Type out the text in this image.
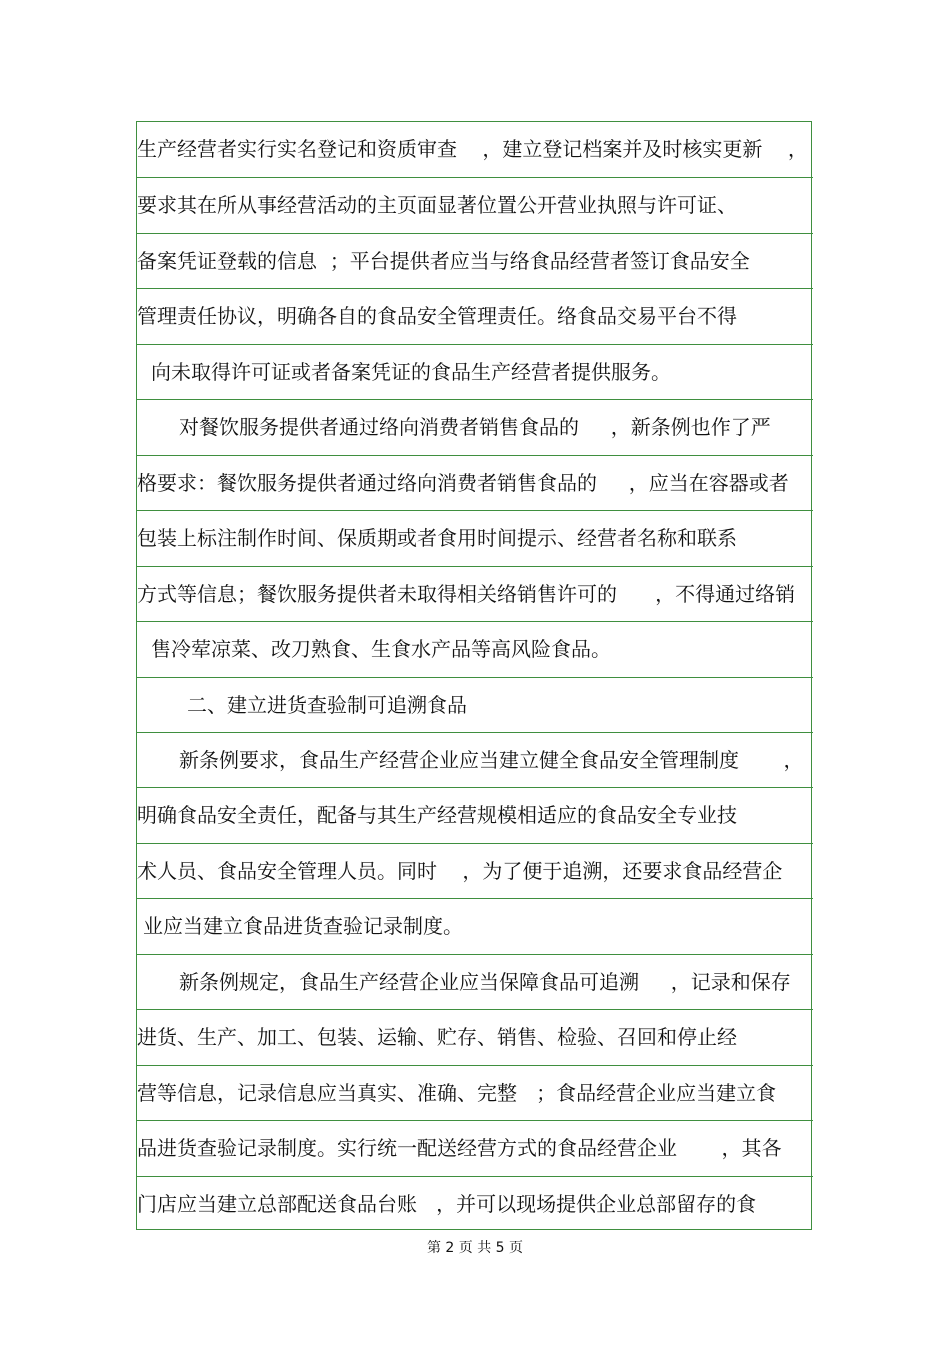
生产经营者实行实名登记和资质审查    ，建立登记档案并及时核实更新    ，
要求其在所从事经营活动的主页面显著位置公开营业执照与许可证、
备案凭证登载的信息  ；平台提供者应当与络食品经营者签订食品安全
管理责任协议，明确各自的食品安全管理责任。络食品交易平台不得
向未取得许可证或者备案凭证的食品生产经营者提供服务。
对餐饮服务提供者通过络向消费者销售食品的     ，新条例也作了严
格要求：餐饮服务提供者通过络向消费者销售食品的     ，应当在容器或者
包装上标注制作时间、保质期或者食用时间提示、经营者名称和联系
方式等信息；餐饮服务提供者未取得相关络销售许可的      ，不得通过络销
售冷荤凉菜、改刀熟食、生食水产品等高风险食品。
二、建立进货查验制可追溯食品
新条例要求，食品生产经营企业应当建立健全食品安全管理制度       ，
明确食品安全责任，配备与其生产经营规模相适应的食品安全专业技
术人员、食品安全管理人员。同时    ，为了便于追溯，还要求食品经营企
业应当建立食品进货查验记录制度。
新条例规定，食品生产经营企业应当保障食品可追溯     ，记录和保存
进货、生产、加工、包装、运输、贮存、销售、检验、召回和停止经
营等信息，记录信息应当真实、准确、完整   ；食品经营企业应当建立食
品进货查验记录制度。实行统一配送经营方式的食品经营企业       ，其各
门店应当建立总部配送食品台账   ，并可以现场提供企业总部留存的食
第 2 页 共 5 页
